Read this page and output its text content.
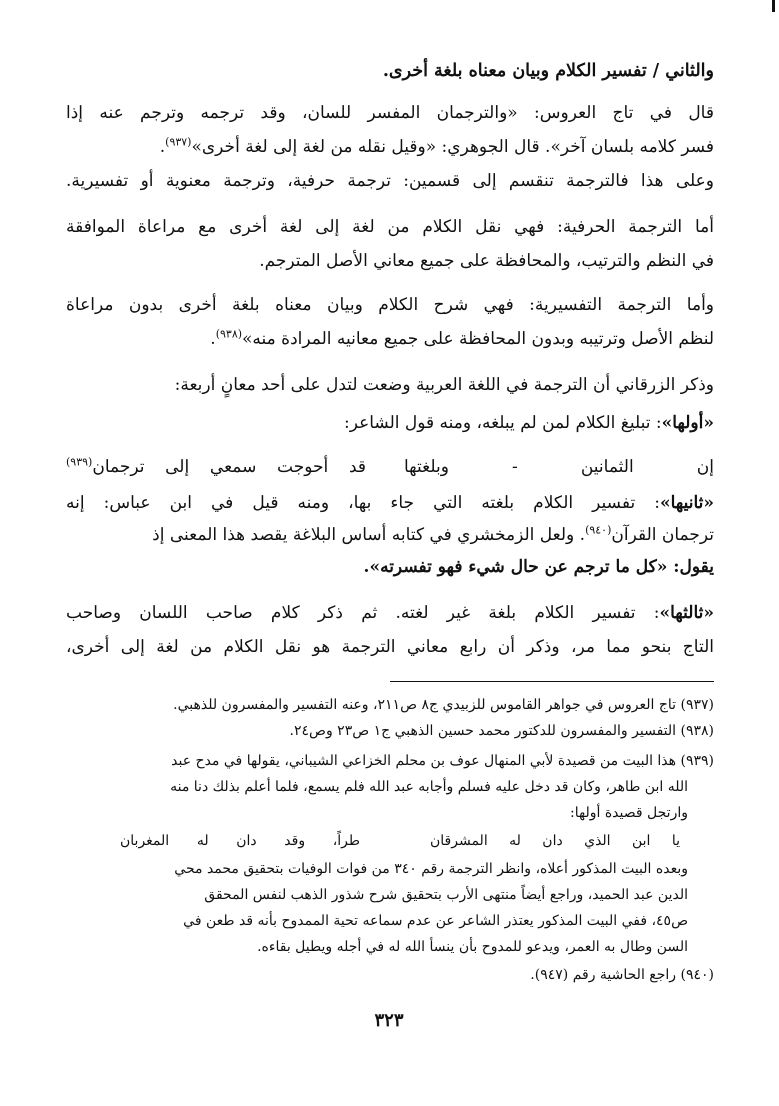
والثاني / تفسير الكلام وبيان معناه بلغة أخرى.
قال في تاج العروس: «والترجمان المفسر للسان، وقد ترجمه وترجم عنه إذا
فسر كلامه بلسان آخر». قال الجوهري: «وقيل نقله من لغة إلى لغة أخرى»$^{(٩٣٧)}$.
وعلى هذا فالترجمة تنقسم إلى قسمين: ترجمة حرفية، وترجمة معنوية أو تفسيرية.
أما الترجمة الحرفية: فهي نقل الكلام من لغة إلى لغة أخرى مع مراعاة الموافقة
في النظم والترتيب، والمحافظة على جميع معاني الأصل المترجم.
وأما الترجمة التفسيرية: فهي شرح الكلام وبيان معناه بلغة أخرى بدون مراعاة
لنظم الأصل وترتيبه وبدون المحافظة على جميع معانيه المرادة منه»$^{(٩٣٨)}$.
وذكر الزرقاني أن الترجمة في اللغة العربية وضعت لتدل على أحد معانٍ أربعة:
«أولها»: تبليغ الكلام لمن لم يبلغه، ومنه قول الشاعر:
إن الثمانين - وبلغتها
قد أحوجت سمعي إلى ترجمان$^{(٩٣٩)}$
«ثانيها»: تفسير الكلام بلغته التي جاء بها، ومنه قيل في ابن عباس: إنه
ترجمان القرآن$^{(٩٤٠)}$. ولعل الزمخشري في كتابه أساس البلاغة يقصد هذا المعنى إذ
يقول: «كل ما ترجم عن حال شيء فهو تفسرته».
«ثالثها»: تفسير الكلام بلغة غير لغته. ثم ذكر كلام صاحب اللسان وصاحب
التاج بنحو مما مر، وذكر أن رابع معاني الترجمة هو نقل الكلام من لغة إلى أخرى،
(٩٣٧) تاج العروس في جواهر القاموس للزبيدي ج٨ ص٢١١، وعنه التفسير والمفسرون للذهبي.
(٩٣٨) التفسير والمفسرون للدكتور محمد حسين الذهبي ج١ ص٢٣ وص٢٤.
(٩٣٩) هذا البيت من قصيدة لأبي المنهال عوف بن محلم الخزاعي الشيباني، يقولها في مدح عبد
الله ابن طاهر، وكان قد دخل عليه فسلم وأجابه عبد الله فلم يسمع، فلما أعلم بذلك دنا منه
وارتجل قصيدة أولها:
يا ابن الذي دان له المشرقان
طراً، وقد دان له المغربان
وبعده البيت المذكور أعلاه، وانظر الترجمة رقم ٣٤٠ من فوات الوفيات بتحقيق محمد محي
الدين عبد الحميد، وراجع أيضاً منتهى الأرب بتحقيق شرح شذور الذهب لنفس المحقق
ص٤٥، ففي البيت المذكور يعتذر الشاعر عن عدم سماعه تحية الممدوح بأنه قد طعن في
السن وطال به العمر، ويدعو للمدوح بأن ينسأ الله له في أجله ويطيل بقاءه.
(٩٤٠) راجع الحاشية رقم (٩٤٧).
٣٢٣
